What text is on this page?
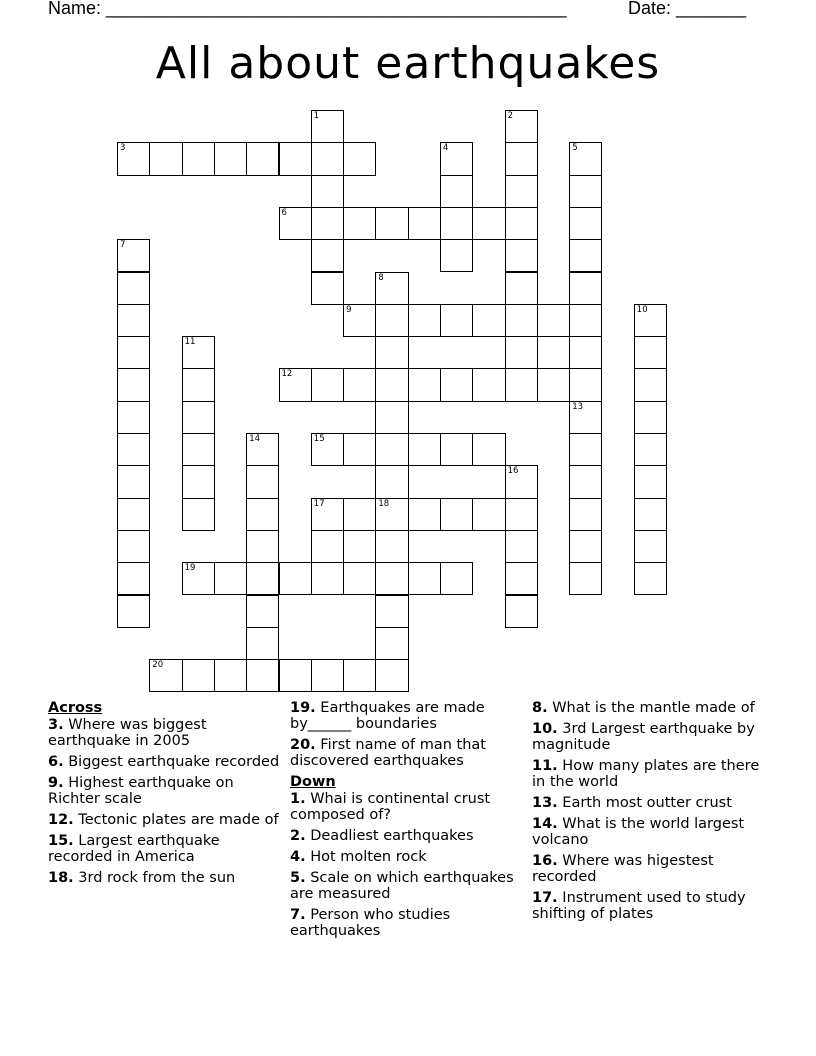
Name: ______________________________________________	Date: _______
All about earthquakes
3
6
9
12
15
17	18
19
20
1	2
4	5
7
8
10
11
13
14
16
Across
3. Where was biggest earthquake in 2005
6. Biggest earthquake recorded
9. Highest earthquake on Richter scale
12. Tectonic plates are made of
15. Largest earthquake recorded in America
18. 3rd rock from the sun
19. Earthquakes are made by______ boundaries
20. First name of man that discovered earthquakes
Down
1. Whai is continental crust composed of?
2. Deadliest earthquakes
4. Hot molten rock
5. Scale on which earthquakes are measured
7. Person who studies earthquakes
8. What is the mantle made of
10. 3rd Largest earthquake by magnitude
11. How many plates are there in the world
13. Earth most outter crust
14. What is the world largest volcano
16. Where was higestest recorded
17. Instrument used to study shifting of plates
